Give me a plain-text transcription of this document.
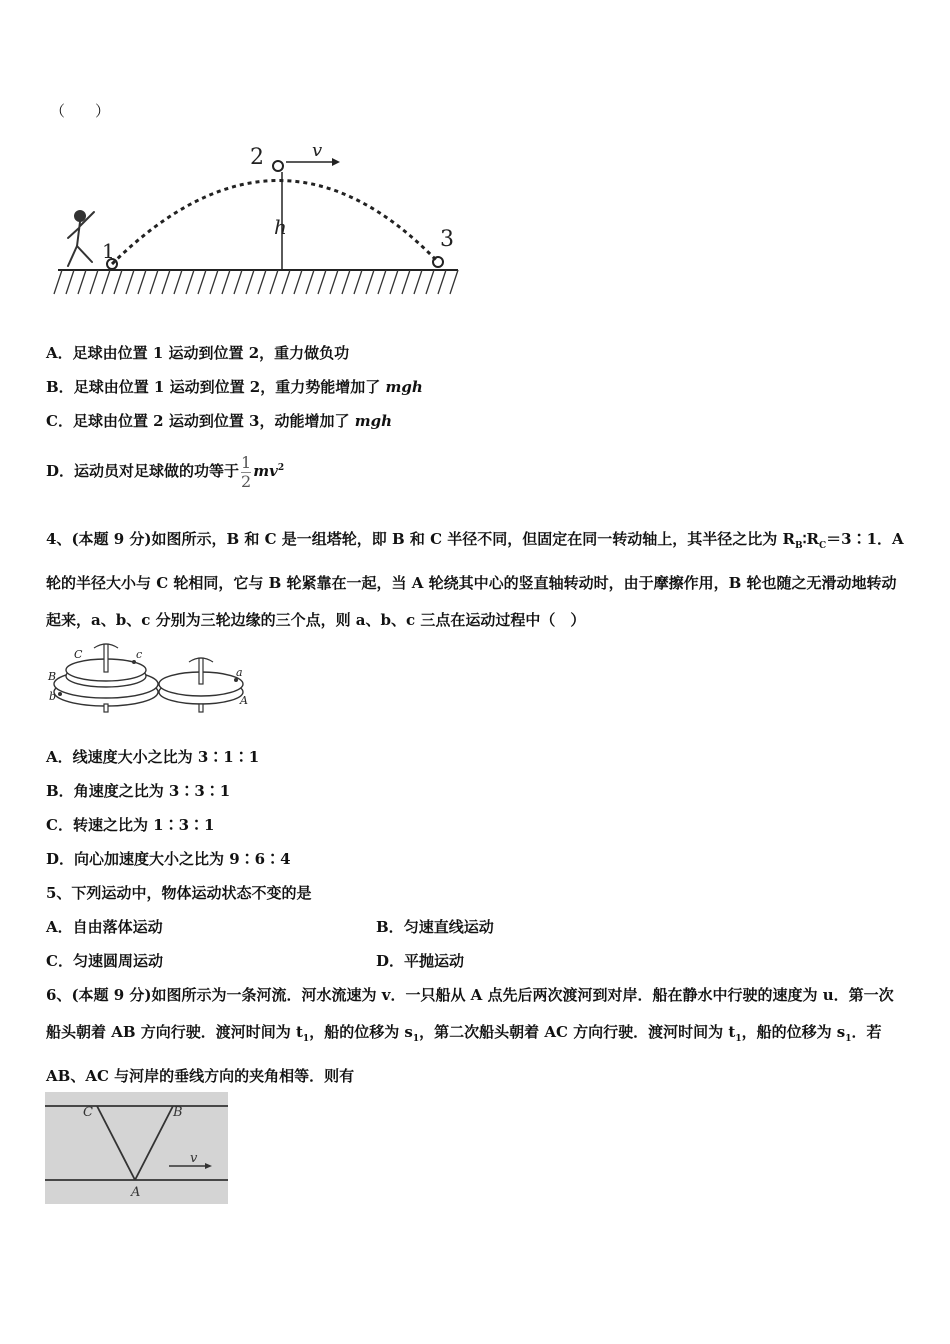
（　　）
1
2
3
h
v
A．足球由位置 1 运动到位置 2，重力做负功
B．足球由位置 1 运动到位置 2，重力势能增加了 mgh
C．足球由位置 2 运动到位置 3，动能增加了 mgh
D．运动员对足球做的功等于 $\frac{1}{2} mv^2$
4、(本题 9 分)如图所示，B 和 C 是一组塔轮，即 B 和 C 半径不同，但固定在同一转动轴上，其半径之比为 $R_B∶R_C=3∶1$．A 轮的半径大小与 C 轮相同，它与 B 轮紧靠在一起，当 A 轮绕其中心的竖直轴转动时，由于摩擦作用，B 轮也随之无滑动地转动起来，a、b、c 分别为三轮边缘的三个点，则 a、b、c 三点在运动过程中（　）
C	c
B
b
a
A
A．线速度大小之比为 3∶1∶1
B．角速度之比为 3∶3∶1
C．转速之比为 1∶3∶1
D．向心加速度大小之比为 9∶6∶4
5、下列运动中，物体运动状态不变的是
A．自由落体运动	B．匀速直线运动
C．匀速圆周运动	D．平抛运动
6、(本题 9 分)如图所示为一条河流．河水流速为 v．一只船从 A 点先后两次渡河到对岸．船在静水中行驶的速度为 u．第一次船头朝着 AB 方向行驶．渡河时间为 $t_1$，船的位移为 $s_1$，第二次船头朝着 AC 方向行驶．渡河时间为 $t_1$，船的位移为 $s_1$．若 AB、AC 与河岸的垂线方向的夹角相等．则有
C	B
v
A
